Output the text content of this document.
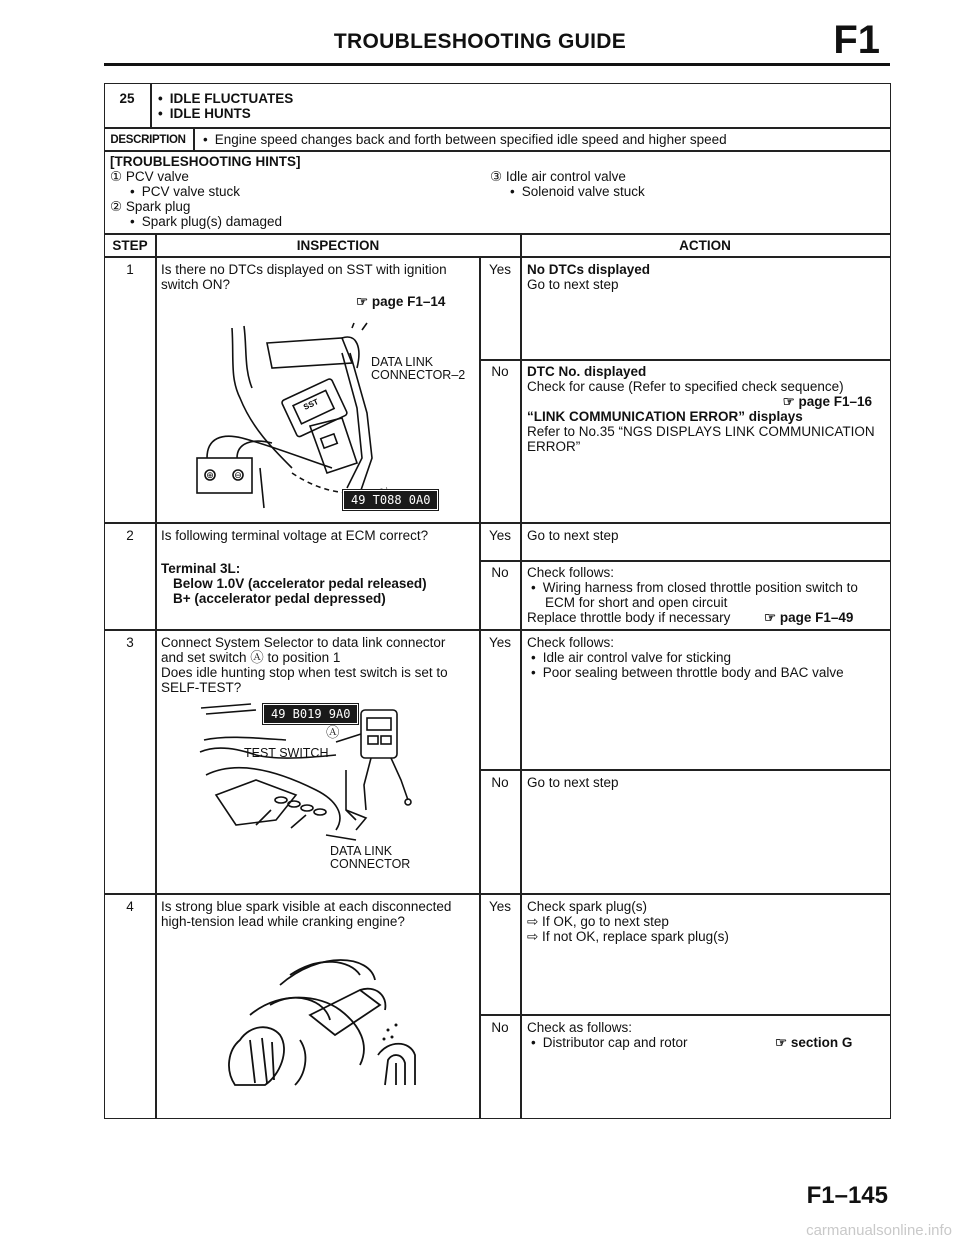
TROUBLESHOOTING GUIDE	F1
25	• IDLE FLUCTUATES
• IDLE HUNTS
DESCRIPTION	• Engine speed changes back and forth between specified idle speed and higher speed
[TROUBLESHOOTING HINTS]
① PCV valve
• PCV valve stuck
② Spark plug
• Spark plug(s) damaged
③ Idle air control valve
• Solenoid valve stuck
STEP	INSPECTION	ACTION
1	Is there no DTCs displayed on SST with ignition
switch ON?
☞ page F1–14
⊕ ⊖
SST
DATA LINK
CONNECTOR–2
49 T088 0A0
Yes	No DTCs displayed
Go to next step
No	DTC No. displayed
Check for cause (Refer to specified check sequence)
☞ page F1–16
“LINK COMMUNICATION ERROR” displays
Refer to No.35 “NGS DISPLAYS LINK COMMUNICATION
ERROR”
2	Is following terminal voltage at ECM correct?
Terminal 3L:
Below 1.0V (accelerator pedal released)
B+ (accelerator pedal depressed)
Yes	Go to next step
No	Check follows:
• Wiring harness from closed throttle position switch to
ECM for short and open circuit
Replace throttle body if necessary ☞ page F1–49
3	Connect System Selector to data link connector
and set switch Ⓐ to position 1
Does idle hunting stop when test switch is set to
SELF-TEST?
49 B019 9A0
Ⓐ
TEST SWITCH
DATA LINK
CONNECTOR
Yes	Check follows:
• Idle air control valve for sticking
• Poor sealing between throttle body and BAC valve
No	Go to next step
4	Is strong blue spark visible at each disconnected
high-tension lead while cranking engine?
Yes	Check spark plug(s)
⇨ If OK, go to next step
⇨ If not OK, replace spark plug(s)
No	Check as follows:
• Distributor cap and rotor	☞ section G
F1–145
carmanualsonline.info
